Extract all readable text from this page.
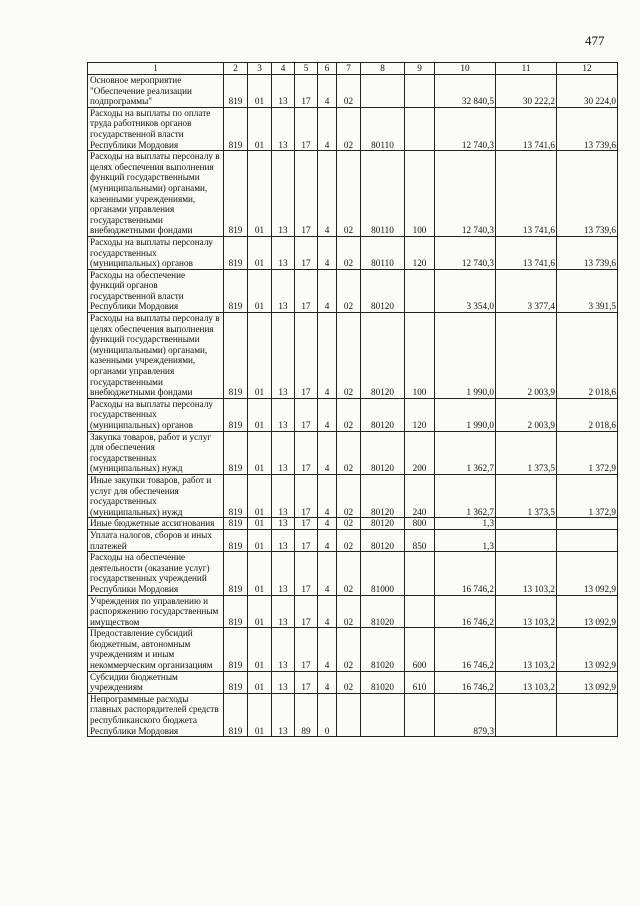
477
1	2	3	4	5	6	7	8	9	10	11	12
Основное мероприятие "Обеспечение реализации подпрограммы"	819	01	13	17	4	02			32 840,5	30 222,2	30 224,0
Расходы на выплаты по оплате труда работников органов государственной власти Республики Мордовия	819	01	13	17	4	02	80110		12 740,3	13 741,6	13 739,6
Расходы на выплаты персоналу в целях обеспечения выполнения функций государственными (муниципальными) органами, казенными учреждениями, органами управления государственными внебюджетными фондами	819	01	13	17	4	02	80110	100	12 740,3	13 741,6	13 739,6
Расходы на выплаты персоналу государственных (муниципальных) органов	819	01	13	17	4	02	80110	120	12 740,3	13 741,6	13 739,6
Расходы на обеспечение функций органов государственной власти Республики Мордовия	819	01	13	17	4	02	80120		3 354,0	3 377,4	3 391,5
Расходы на выплаты персоналу в целях обеспечения выполнения функций государственными (муниципальными) органами, казенными учреждениями, органами управления государственными внебюджетными фондами	819	01	13	17	4	02	80120	100	1 990,0	2 003,9	2 018,6
Расходы на выплаты персоналу государственных (муниципальных) органов	819	01	13	17	4	02	80120	120	1 990,0	2 003,9	2 018,6
Закупка товаров, работ и услуг для обеспечения государственных (муниципальных) нужд	819	01	13	17	4	02	80120	200	1 362,7	1 373,5	1 372,9
Иные закупки товаров, работ и услуг для обеспечения государственных (муниципальных) нужд	819	01	13	17	4	02	80120	240	1 362,7	1 373,5	1 372,9
Иные бюджетные ассигнования	819	01	13	17	4	02	80120	800	1,3		
Уплата налогов, сборов и иных платежей	819	01	13	17	4	02	80120	850	1,3		
Расходы на обеспечение деятельности (оказание услуг) государственных учреждений Республики Мордовия	819	01	13	17	4	02	81000		16 746,2	13 103,2	13 092,9
Учреждения по управлению и распоряжению государственным имуществом	819	01	13	17	4	02	81020		16 746,2	13 103,2	13 092,9
Предоставление субсидий бюджетным, автономным учреждениям и иным некоммерческим организациям	819	01	13	17	4	02	81020	600	16 746,2	13 103,2	13 092,9
Субсидии бюджетным учреждениям	819	01	13	17	4	02	81020	610	16 746,2	13 103,2	13 092,9
Непрограммные расходы главных распорядителей средств республиканского бюджета Республики Мордовия	819	01	13	89	0				879,3		
